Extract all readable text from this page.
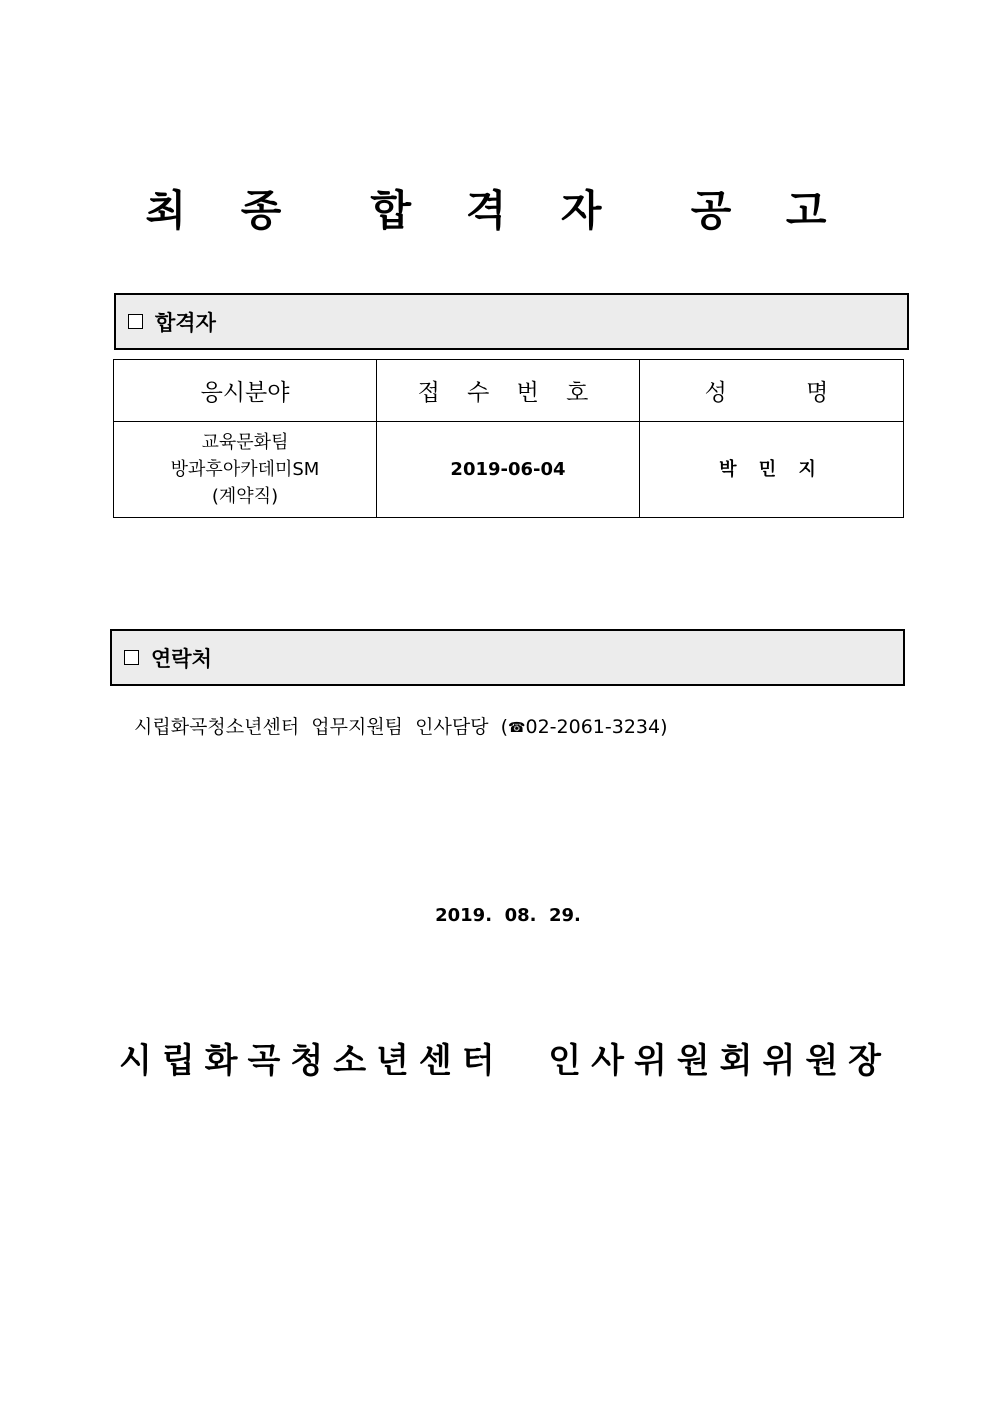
최 종  합 격 자  공 고
합격자
응시분야	접 수 번 호	성    명

교육문화팀
방과후아카데미SM
(계약직)	2019-06-04	박 민 지
연락처
시립화곡청소년센터  업무지원팀  인사담당  (☎02-2061-3234)
2019.  08.  29.
시립화곡청소년센터  인사위원회위원장
